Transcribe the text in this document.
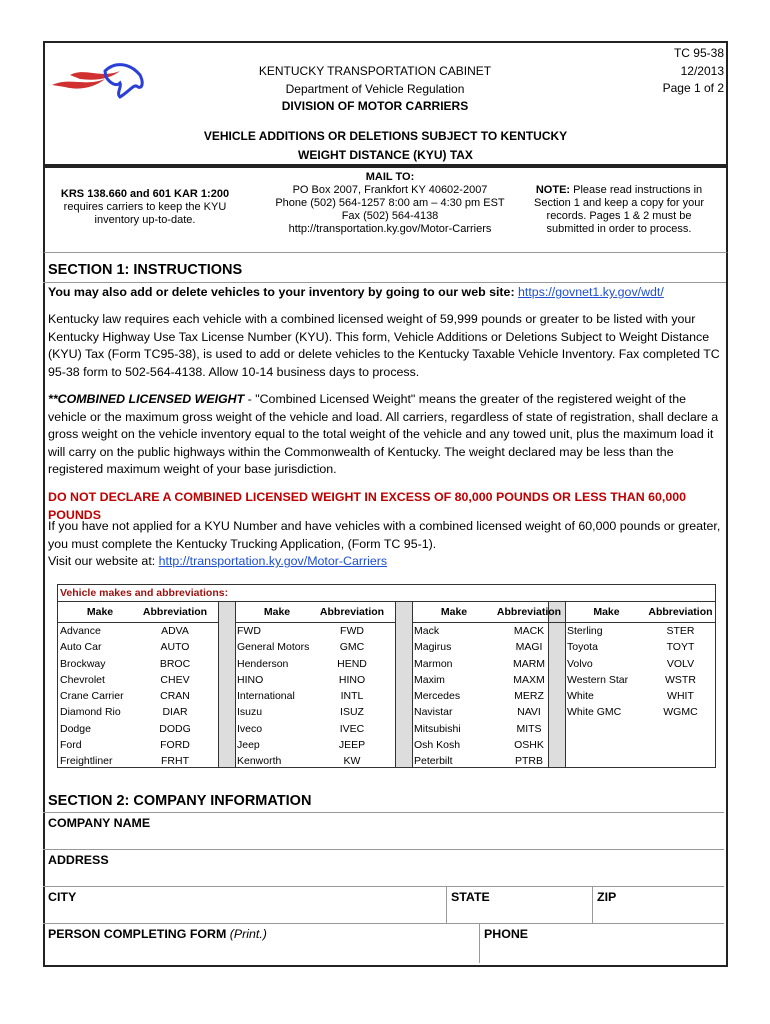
KENTUCKY TRANSPORTATION CABINET
Department of Vehicle Regulation
DIVISION OF MOTOR CARRIERS
TC 95-38
12/2013
Page 1 of 2
VEHICLE ADDITIONS OR DELETIONS SUBJECT TO KENTUCKY
WEIGHT DISTANCE (KYU) TAX
KRS 138.660 and 601 KAR 1:200
requires carriers to keep the KYU inventory up-to-date.
MAIL TO:
PO Box 2007, Frankfort KY 40602-2007
Phone (502) 564-1257 8:00 am – 4:30 pm EST
Fax (502) 564-4138
http://transportation.ky.gov/Motor-Carriers
NOTE: Please read instructions in Section 1 and keep a copy for your records. Pages 1 & 2 must be submitted in order to process.
SECTION 1: INSTRUCTIONS
You may also add or delete vehicles to your inventory by going to our web site: https://govnet1.ky.gov/wdt/
Kentucky law requires each vehicle with a combined licensed weight of 59,999 pounds or greater to be listed with your Kentucky Highway Use Tax License Number (KYU). This form, Vehicle Additions or Deletions Subject to Weight Distance (KYU) Tax (Form TC95-38), is used to add or delete vehicles to the Kentucky Taxable Vehicle Inventory. Fax completed TC 95-38 form to 502-564-4138. Allow 10-14 business days to process.
**COMBINED LICENSED WEIGHT - "Combined Licensed Weight" means the greater of the registered weight of the vehicle or the maximum gross weight of the vehicle and load. All carriers, regardless of state of registration, shall declare a gross weight on the vehicle inventory equal to the total weight of the vehicle and any towed unit, plus the maximum load it will carry on the public highways within the Commonwealth of Kentucky. The weight declared may be less than the registered maximum weight of your base jurisdiction.
DO NOT DECLARE A COMBINED LICENSED WEIGHT IN EXCESS OF 80,000 POUNDS OR LESS THAN 60,000 POUNDS
If you have not applied for a KYU Number and have vehicles with a combined licensed weight of 60,000 pounds or greater, you must complete the Kentucky Trucking Application, (Form TC 95-1).
Visit our website at: http://transportation.ky.gov/Motor-Carriers
Vehicle makes and abbreviations:
Make	Abbreviation
Advance	ADVA
Auto Car	AUTO
Brockway	BROC
Chevrolet	CHEV
Crane Carrier	CRAN
Diamond Rio	DIAR
Dodge	DODG
Ford	FORD
Freightliner	FRHT
Make	Abbreviation
FWD	FWD
General Motors	GMC
Henderson	HEND
HINO	HINO
International	INTL
Isuzu	ISUZ
Iveco	IVEC
Jeep	JEEP
Kenworth	KW
Make	Abbreviation
Mack	MACK
Magirus	MAGI
Marmon	MARM
Maxim	MAXM
Mercedes	MERZ
Navistar	NAVI
Mitsubishi	MITS
Osh Kosh	OSHK
Peterbilt	PTRB
Make	Abbreviation
Sterling	STER
Toyota	TOYT
Volvo	VOLV
Western Star	WSTR
White	WHIT
White GMC	WGMC
SECTION 2: COMPANY INFORMATION
COMPANY NAME
ADDRESS
CITY	STATE	ZIP
PERSON COMPLETING FORM (Print.)	PHONE
